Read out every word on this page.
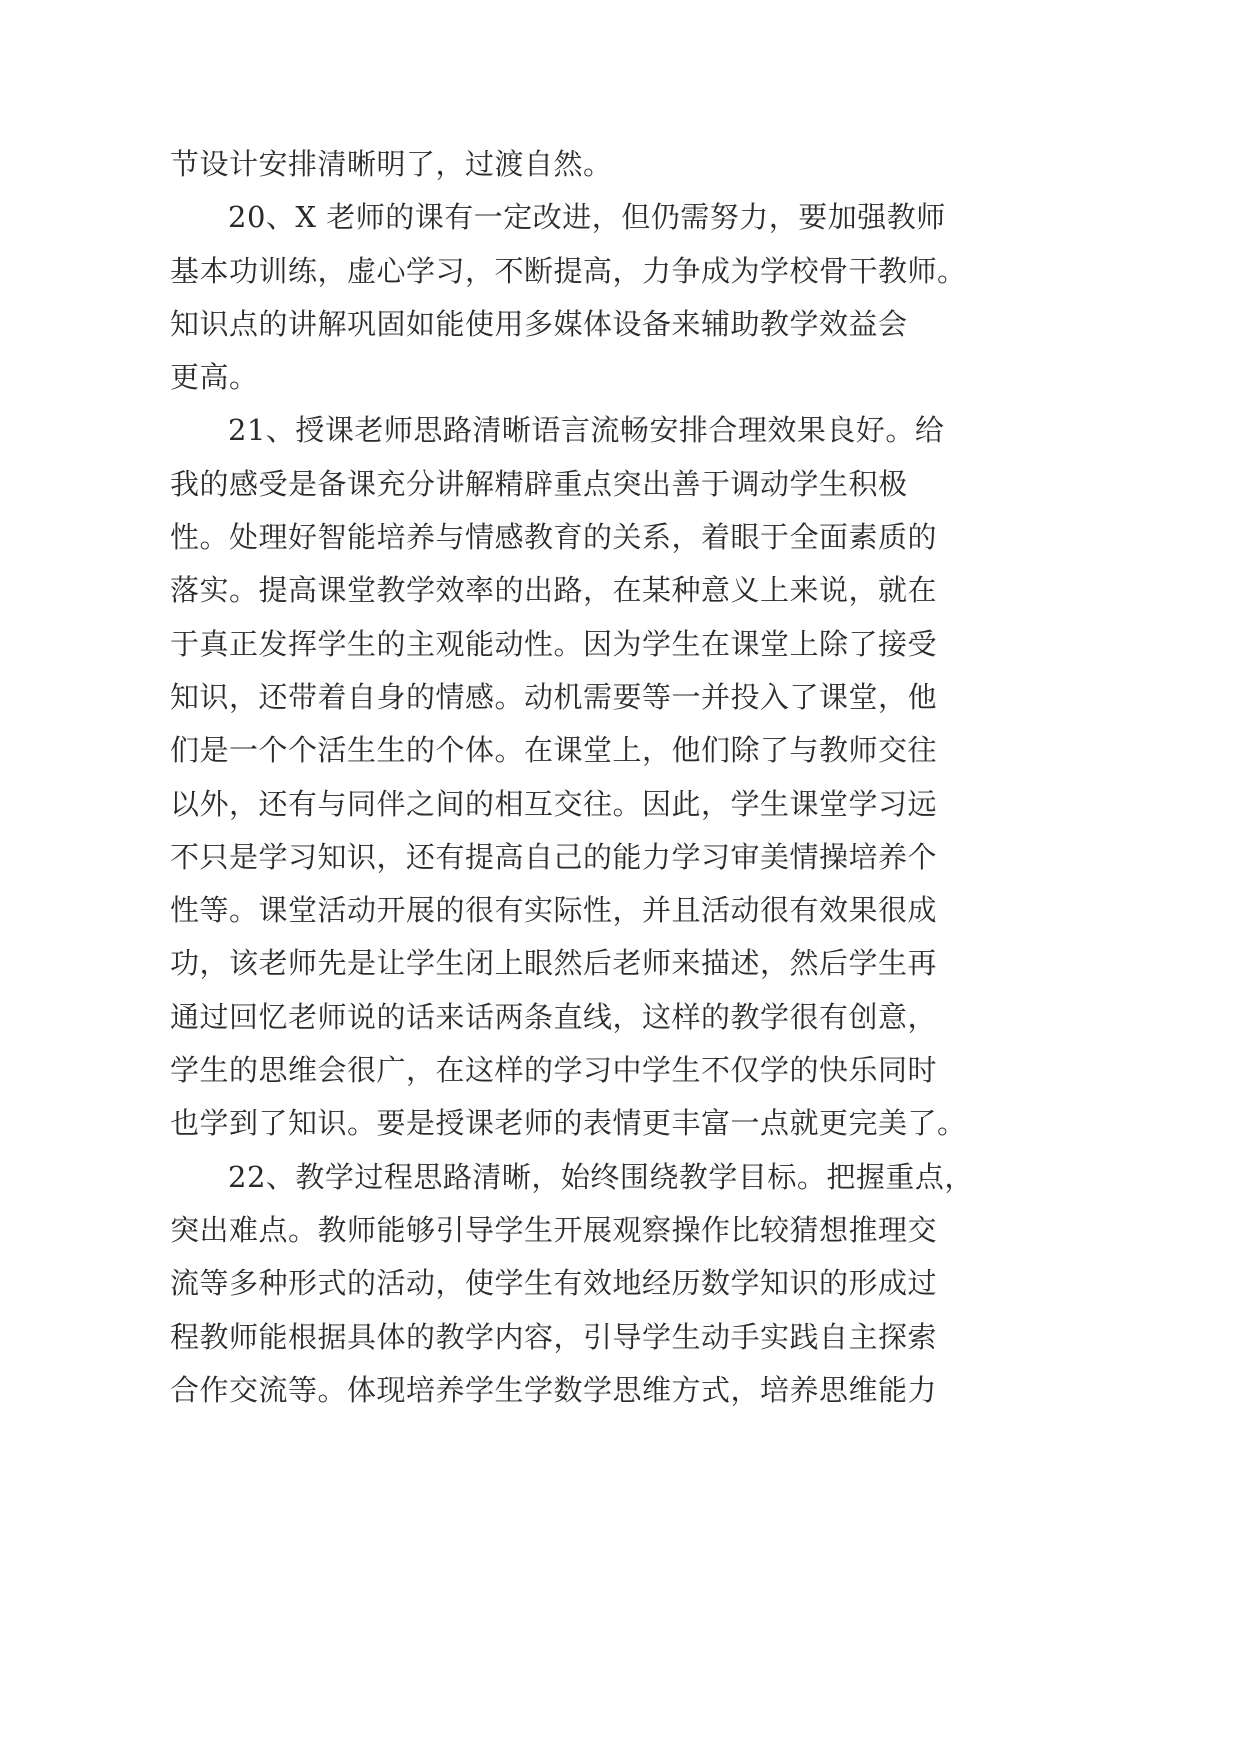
节设计安排清晰明了，过渡自然。
20、X 老师的课有一定改进，但仍需努力，要加强教师
基本功训练，虚心学习，不断提高，力争成为学校骨干教师。
知识点的讲解巩固如能使用多媒体设备来辅助教学效益会
更高。
21、授课老师思路清晰语言流畅安排合理效果良好。给
我的感受是备课充分讲解精辟重点突出善于调动学生积极
性。处理好智能培养与情感教育的关系，着眼于全面素质的
落实。提高课堂教学效率的出路，在某种意义上来说，就在
于真正发挥学生的主观能动性。因为学生在课堂上除了接受
知识，还带着自身的情感。动机需要等一并投入了课堂，他
们是一个个活生生的个体。在课堂上，他们除了与教师交往
以外，还有与同伴之间的相互交往。因此，学生课堂学习远
不只是学习知识，还有提高自己的能力学习审美情操培养个
性等。课堂活动开展的很有实际性，并且活动很有效果很成
功，该老师先是让学生闭上眼然后老师来描述，然后学生再
通过回忆老师说的话来话两条直线，这样的教学很有创意，
学生的思维会很广，在这样的学习中学生不仅学的快乐同时
也学到了知识。要是授课老师的表情更丰富一点就更完美了。
22、教学过程思路清晰，始终围绕教学目标。把握重点，
突出难点。教师能够引导学生开展观察操作比较猜想推理交
流等多种形式的活动，使学生有效地经历数学知识的形成过
程教师能根据具体的教学内容，引导学生动手实践自主探索
合作交流等。体现培养学生学数学思维方式，培养思维能力
